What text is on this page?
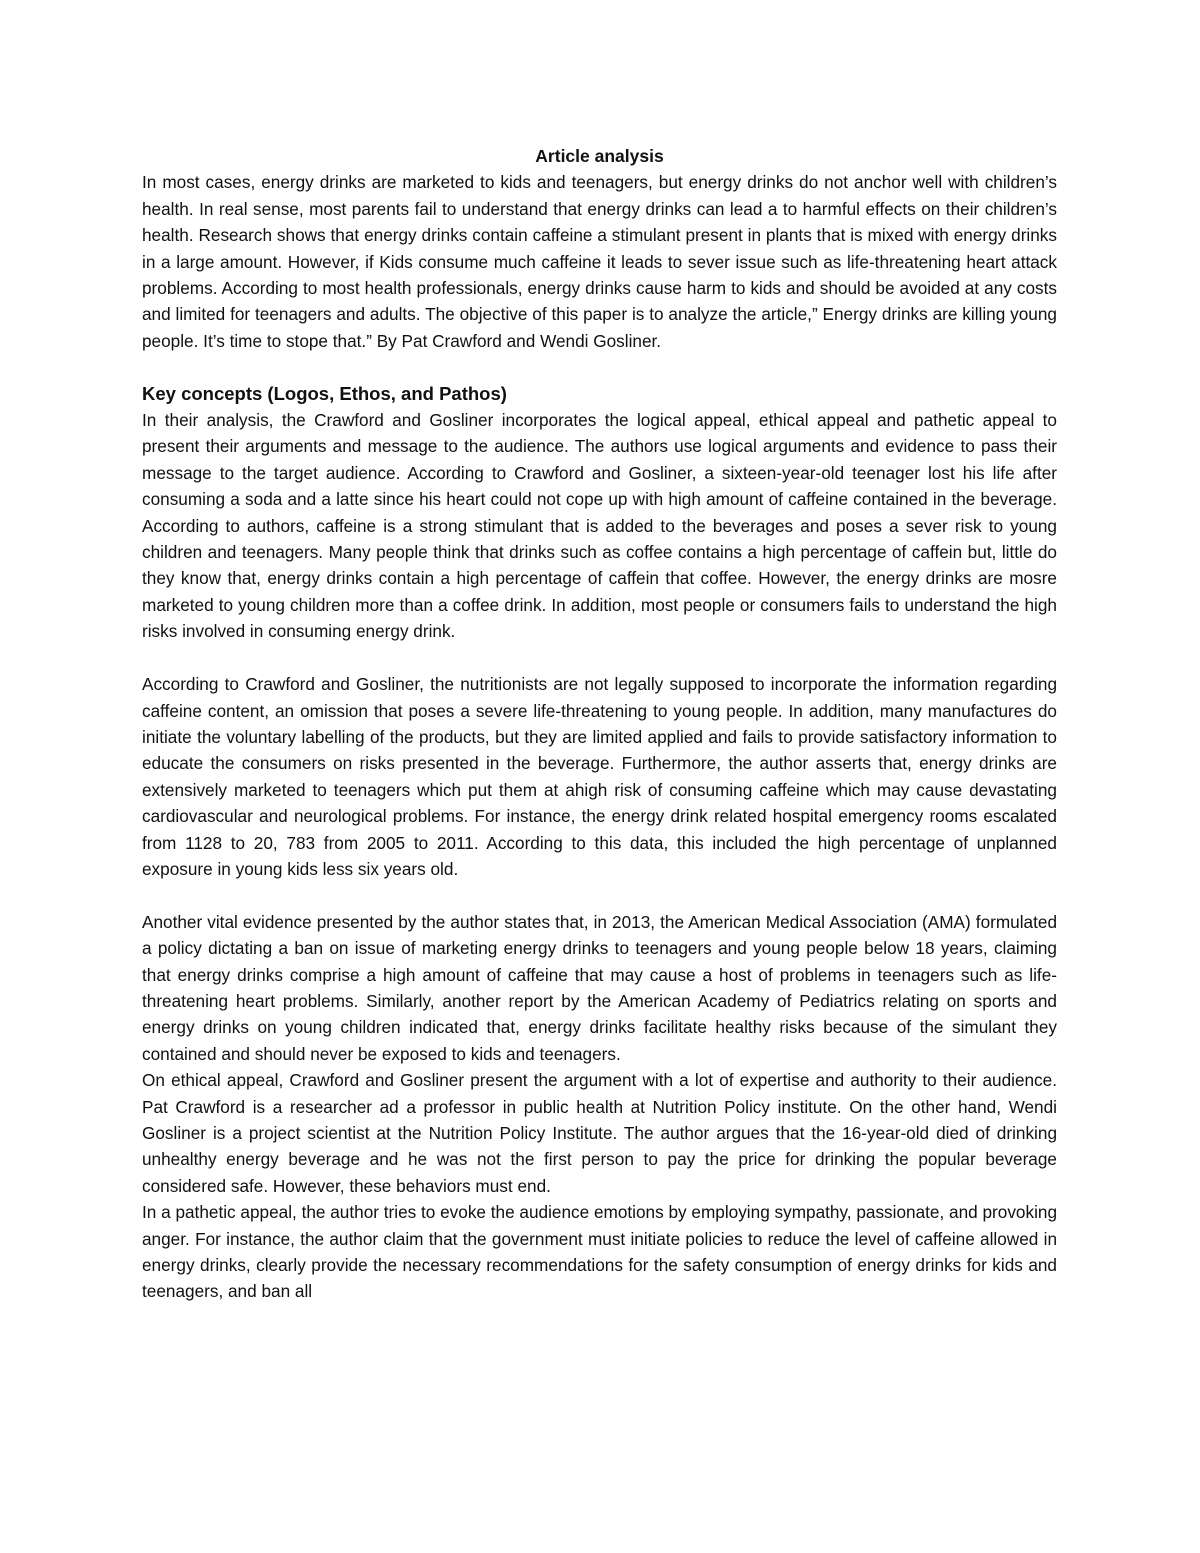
Article analysis

In most cases, energy drinks are marketed to kids and teenagers, but energy drinks do not anchor well with children’s health. In real sense, most parents fail to understand that energy drinks can lead a to harmful effects on their children’s health. Research shows that energy drinks contain caffeine a stimulant present in plants that is mixed with energy drinks in a large amount. However, if Kids consume much caffeine it leads to sever issue such as life-threatening heart attack problems. According to most health professionals, energy drinks cause harm to kids and should be avoided at any costs and limited for teenagers and adults. The objective of this paper is to analyze the article,” Energy drinks are killing young people. It’s time to stope that.” By Pat Crawford and Wendi Gosliner.

Key concepts (Logos, Ethos, and Pathos)

In their analysis, the Crawford and Gosliner incorporates the logical appeal, ethical appeal and pathetic appeal to present their arguments and message to the audience. The authors use logical arguments and evidence to pass their message to the target audience. According to Crawford and Gosliner, a sixteen-year-old teenager lost his life after consuming a soda and a latte since his heart could not cope up with high amount of caffeine contained in the beverage. According to authors, caffeine is a strong stimulant that is added to the beverages and poses a sever risk to young children and teenagers. Many people think that drinks such as coffee contains a high percentage of caffein but, little do they know that, energy drinks contain a high percentage of caffein that coffee. However, the energy drinks are mosre marketed to young children more than a coffee drink. In addition, most people or consumers fails to understand the high risks involved in consuming energy drink.

According to Crawford and Gosliner, the nutritionists are not legally supposed to incorporate the information regarding caffeine content, an omission that poses a severe life-threatening to young people. In addition, many manufactures do initiate the voluntary labelling of the products, but they are limited applied and fails to provide satisfactory information to educate the consumers on risks presented in the beverage. Furthermore, the author asserts that, energy drinks are extensively marketed to teenagers which put them at ahigh risk of consuming caffeine which may cause devastating cardiovascular and neurological problems. For instance, the energy drink related hospital emergency rooms escalated from 1128 to 20, 783 from 2005 to 2011. According to this data, this included the high percentage of unplanned exposure in young kids less six years old.

Another vital evidence presented by the author states that, in 2013, the American Medical Association (AMA) formulated a policy dictating a ban on issue of marketing energy drinks to teenagers and young people below 18 years, claiming that energy drinks comprise a high amount of caffeine that may cause a host of problems in teenagers such as life-threatening heart problems. Similarly, another report by the American Academy of Pediatrics relating on sports and energy drinks on young children indicated that, energy drinks facilitate healthy risks because of the simulant they contained and should never be exposed to kids and teenagers.

On ethical appeal, Crawford and Gosliner present the argument with a lot of expertise and authority to their audience. Pat Crawford is a researcher ad a professor in public health at Nutrition Policy institute. On the other hand, Wendi Gosliner is a project scientist at the Nutrition Policy Institute. The author argues that the 16-year-old died of drinking unhealthy energy beverage and he was not the first person to pay the price for drinking the popular beverage considered safe. However, these behaviors must end.

In a pathetic appeal, the author tries to evoke the audience emotions by employing sympathy, passionate, and provoking anger. For instance, the author claim that the government must initiate policies to reduce the level of caffeine allowed in energy drinks, clearly provide the necessary recommendations for the safety consumption of energy drinks for kids and teenagers, and ban all
